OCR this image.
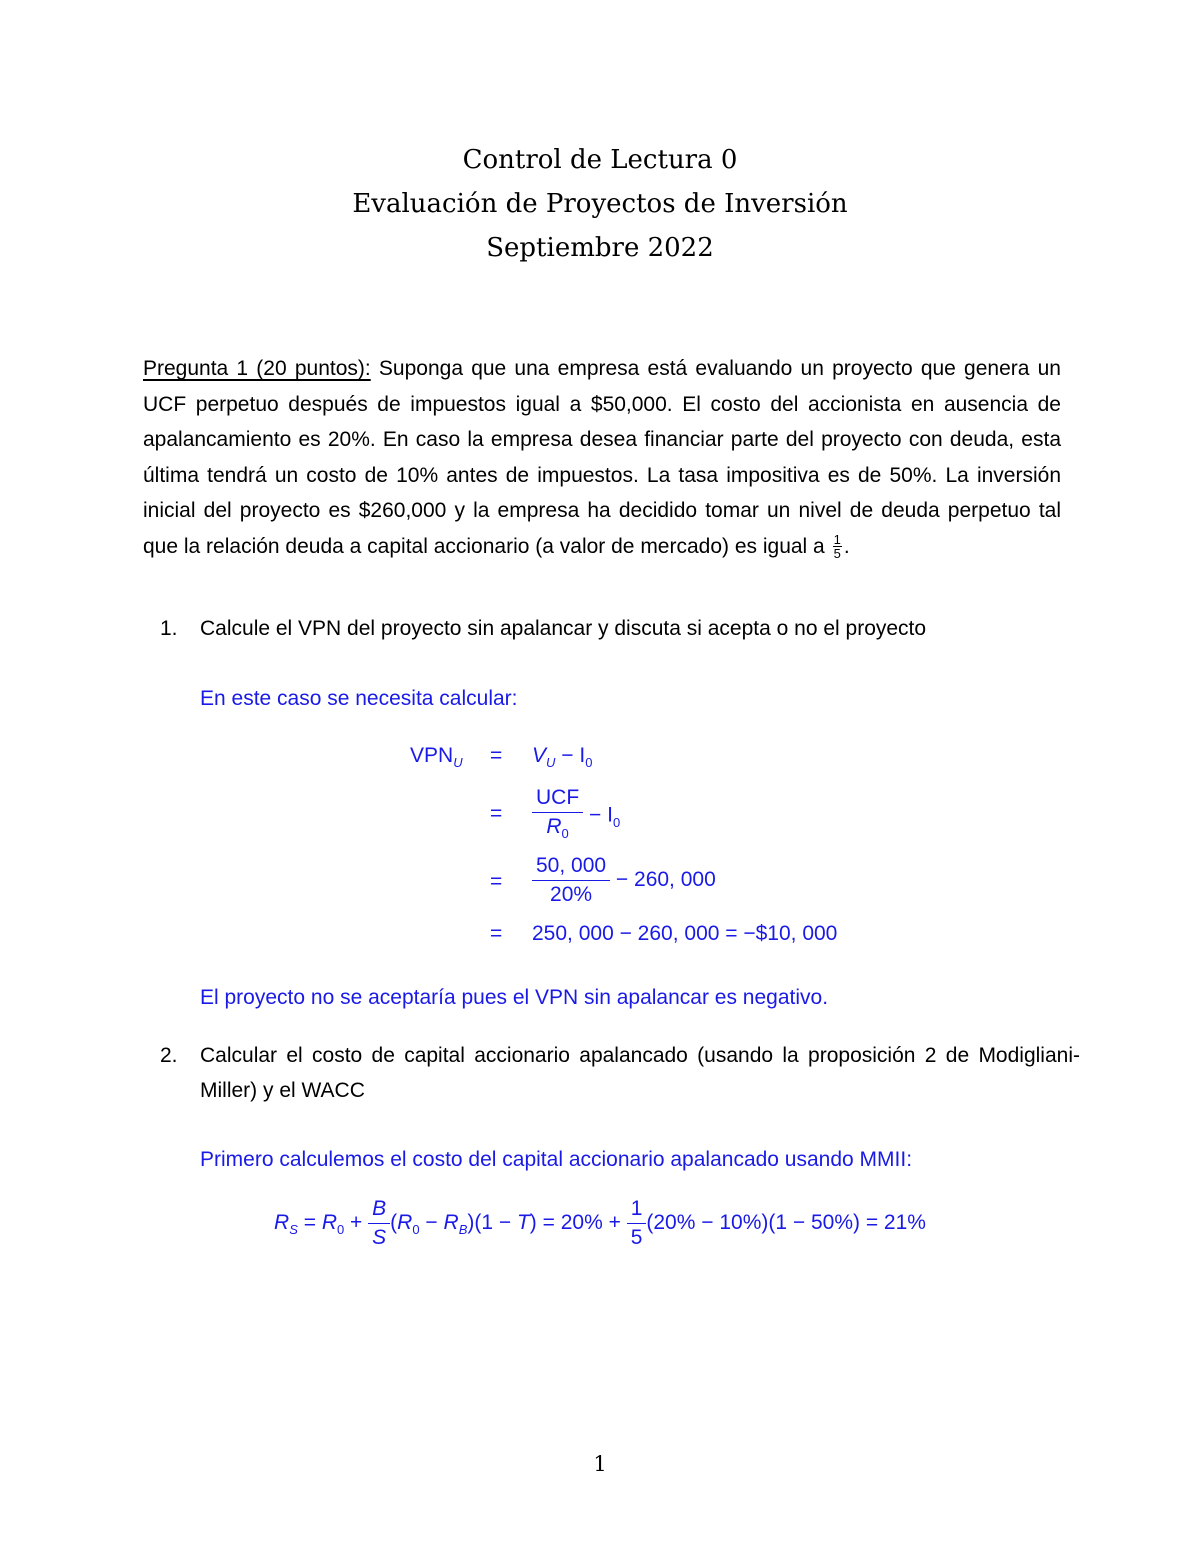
Control de Lectura 0
Evaluación de Proyectos de Inversión
Septiembre 2022
Pregunta 1 (20 puntos): Suponga que una empresa está evaluando un proyecto que genera un UCF perpetuo después de impuestos igual a $50,000. El costo del accionista en ausencia de apalancamiento es 20%. En caso la empresa desea financiar parte del proyecto con deuda, esta última tendrá un costo de 10% antes de impuestos. La tasa impositiva es de 50%. La inversión inicial del proyecto es $260,000 y la empresa ha decidido tomar un nivel de deuda perpetuo tal que la relación deuda a capital accionario (a valor de mercado) es igual a $\frac{1}{5}$ .
1.	Calcule el VPN del proyecto sin apalancar y discuta si acepta o no el proyecto
En este caso se necesita calcular:
$VPN_U = V_U - I_0$
= $\frac{\text{UCF}}{R_0} - I_0$
= $\frac{50, 000}{20\%} - 260$, 000
= 250, 000 − 260, 000 = −$10, 000
El proyecto no se aceptaría pues el VPN sin apalancar es negativo.
2.	Calcular el costo de capital accionario apalancado (usando la proposición 2 de Modigliani-Miller) y el WACC
Primero calculemos el costo del capital accionario apalancado usando MMII:
$R_S = R_0 + \frac{B}{S} (R_0 - R_B)(1 - T) = 20\% + \frac{1}{5} (20\% - 10\%)(1 - 50\%) = 21\%$
1
